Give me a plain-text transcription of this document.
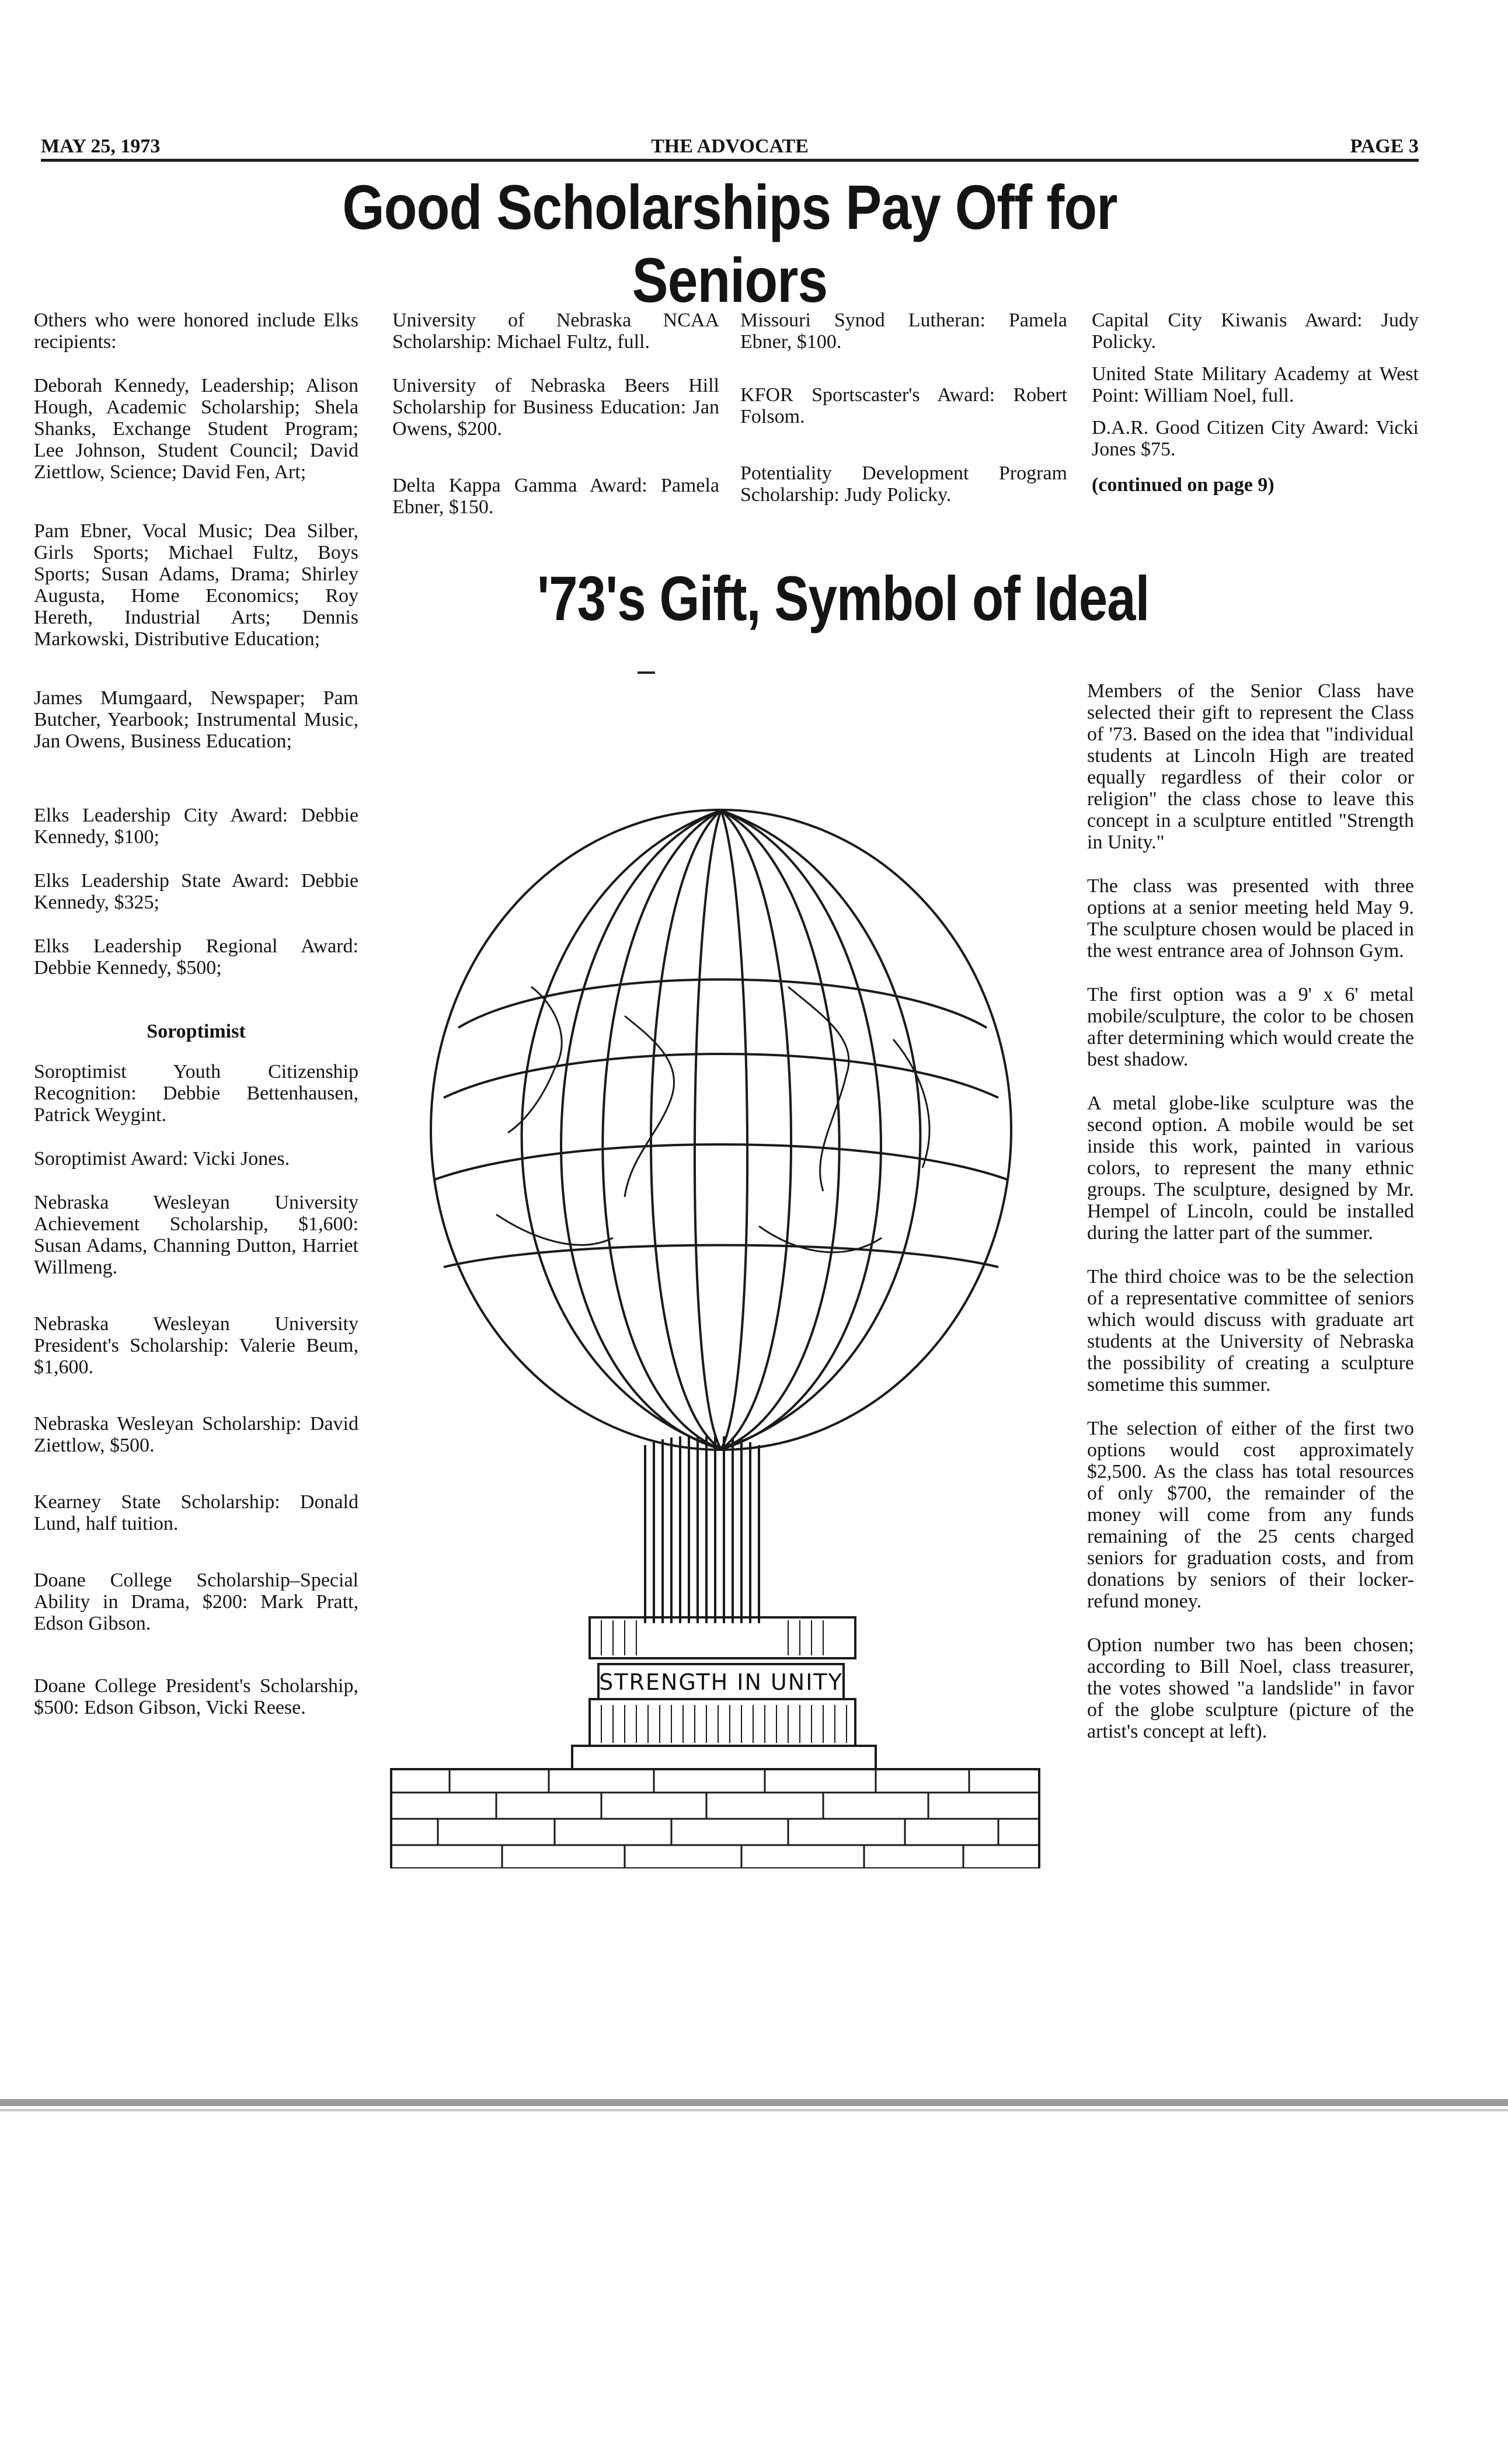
MAY 25, 1973	THE ADVOCATE	PAGE 3
Good Scholarships Pay Off for Seniors

Others who were honored include Elks recipients:

Deborah Kennedy, Leadership; Alison Hough, Academic Scholarship; Shela Shanks, Exchange Student Program; Lee Johnson, Student Council; David Ziettlow, Science; David Fen, Art;

Pam Ebner, Vocal Music; Dea Silber, Girls Sports; Michael Fultz, Boys Sports; Susan Adams, Drama; Shirley Augusta, Home Economics; Roy Hereth, Industrial Arts; Dennis Markowski, Distributive Education;

James Mumgaard, Newspaper; Pam Butcher, Yearbook; Instrumental Music, Jan Owens, Business Education;

Elks Leadership City Award: Debbie Kennedy, $100;

Elks Leadership State Award: Debbie Kennedy, $325;

Elks Leadership Regional Award: Debbie Kennedy, $500;

Soroptimist

Soroptimist Youth Citizenship Recognition: Debbie Bettenhausen, Patrick Weygint.

Soroptimist Award: Vicki Jones.

Nebraska Wesleyan University Achievement Scholarship, $1,600: Susan Adams, Channing Dutton, Harriet Willmeng.

Nebraska Wesleyan University President's Scholarship: Valerie Beum, $1,600.

Nebraska Wesleyan Scholarship: David Ziettlow, $500.

Kearney State Scholarship: Donald Lund, half tuition.

Doane College Scholarship–Special Ability in Drama, $200: Mark Pratt, Edson Gibson.

Doane College President's Scholarship, $500: Edson Gibson, Vicki Reese.

University of Nebraska NCAA Scholarship: Michael Fultz, full.

University of Nebraska Beers Hill Scholarship for Business Education: Jan Owens, $200.

Delta Kappa Gamma Award: Pamela Ebner, $150.

Missouri Synod Lutheran: Pamela Ebner, $100.

KFOR Sportscaster's Award: Robert Folsom.

Potentiality Development Program Scholarship: Judy Policky.

Capital City Kiwanis Award: Judy Policky.

United State Military Academy at West Point: William Noel, full.

D.A.R. Good Citizen City Award: Vicki Jones $75.

(continued on page 9)

'73's Gift, Symbol of Ideal

Members of the Senior Class have selected their gift to represent the Class of '73. Based on the idea that "individual students at Lincoln High are treated equally regardless of their color or religion" the class chose to leave this concept in a sculpture entitled "Strength in Unity."

The class was presented with three options at a senior meeting held May 9. The sculpture chosen would be placed in the west entrance area of Johnson Gym.

The first option was a 9' x 6' metal mobile/sculpture, the color to be chosen after determining which would create the best shadow.

A metal globe-like sculpture was the second option. A mobile would be set inside this work, painted in various colors, to represent the many ethnic groups. The sculpture, designed by Mr. Hempel of Lincoln, could be installed during the latter part of the summer.

The third choice was to be the selection of a representative committee of seniors which would discuss with graduate art students at the University of Nebraska the possibility of creating a sculpture sometime this summer.

The selection of either of the first two options would cost approximately $2,500. As the class has total resources of only $700, the remainder of the money will come from any funds remaining of the 25 cents charged seniors for graduation costs, and from donations by seniors of their locker-refund money.

Option number two has been chosen; according to Bill Noel, class treasurer, the votes showed "a landslide" in favor of the globe sculpture (picture of the artist's concept at left).

STRENGTH IN UNITY
